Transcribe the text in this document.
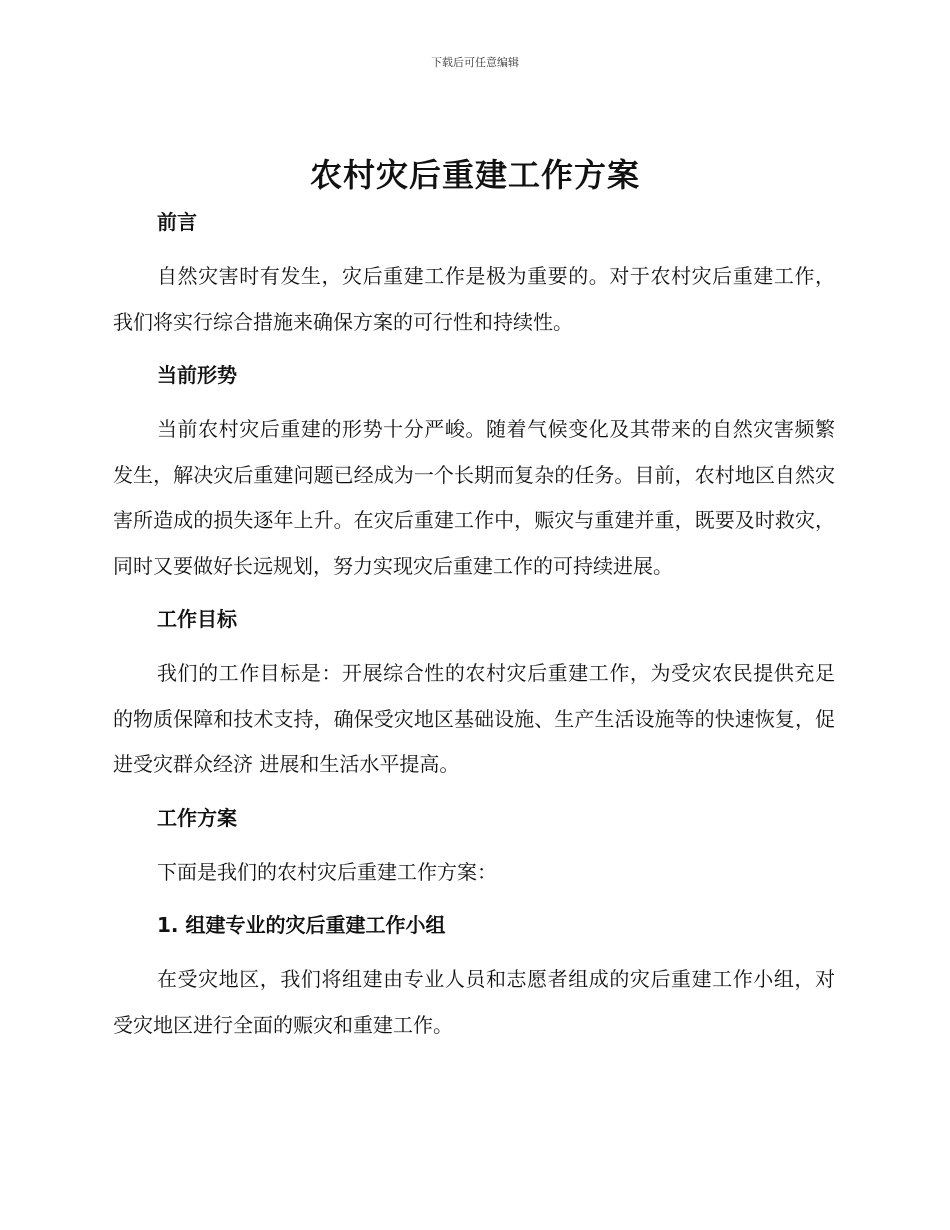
下载后可任意编辑
农村灾后重建工作方案
前言

自然灾害时有发生，灾后重建工作是极为重要的。对于农村灾后重建工作，我们将实行综合措施来确保方案的可行性和持续性。

当前形势

当前农村灾后重建的形势十分严峻。随着气候变化及其带来的自然灾害频繁发生，解决灾后重建问题已经成为一个长期而复杂的任务。目前，农村地区自然灾害所造成的损失逐年上升。在灾后重建工作中，赈灾与重建并重，既要及时救灾，同时又要做好长远规划，努力实现灾后重建工作的可持续进展。

工作目标

我们的工作目标是：开展综合性的农村灾后重建工作，为受灾农民提供充足的物质保障和技术支持，确保受灾地区基础设施、生产生活设施等的快速恢复，促进受灾群众经济 进展和生活水平提高。

工作方案

下面是我们的农村灾后重建工作方案：

1. 组建专业的灾后重建工作小组

在受灾地区，我们将组建由专业人员和志愿者组成的灾后重建工作小组，对受灾地区进行全面的赈灾和重建工作。
